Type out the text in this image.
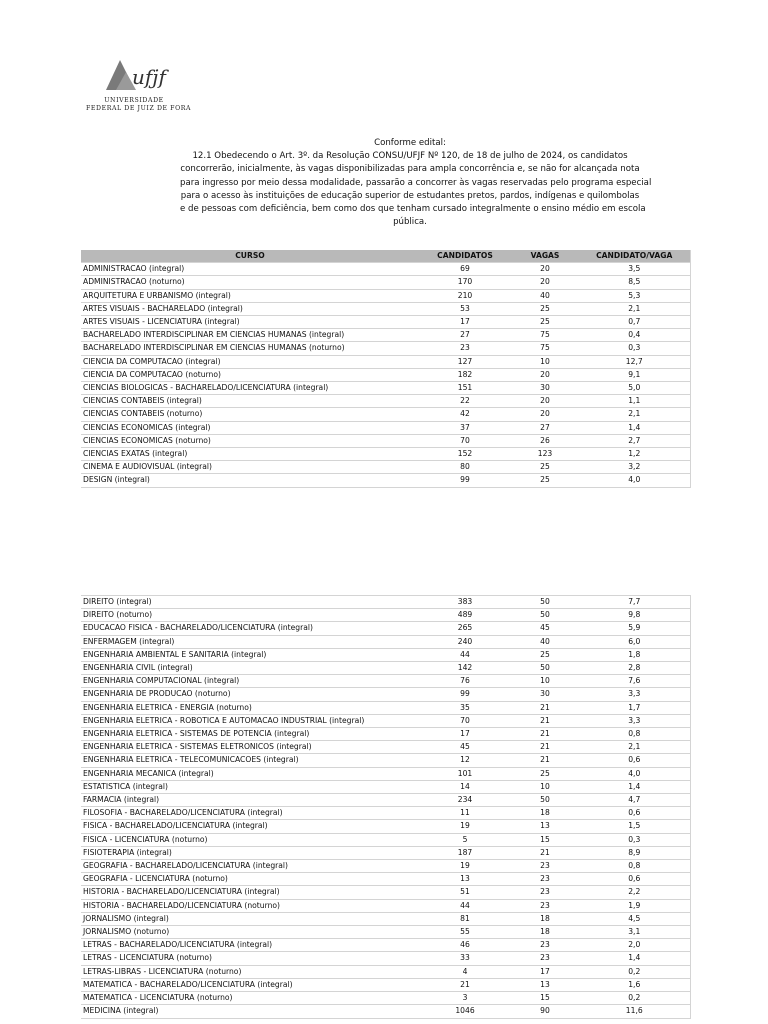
ufjf
UNIVERSIDADE
FEDERAL DE JUIZ DE FORA
Conforme edital:
12.1 Obedecendo o Art. 3º. da Resolução CONSU/UFJF Nº 120, de 18 de julho de 2024, os candidatos
concorrerão, inicialmente, às vagas disponibilizadas para ampla concorrência e, se não for alcançada nota
para ingresso por meio dessa modalidade, passarão a concorrer às vagas reservadas pelo programa especial
para o acesso às instituições de educação superior de estudantes pretos, pardos, indígenas e quilombolas
e de pessoas com deficiência, bem como dos que tenham cursado integralmente o ensino médio em escola
pública.
CURSO	CANDIDATOS	VAGAS	CANDIDATO/VAGA
ADMINISTRACAO (integral)	69	20	3,5
ADMINISTRACAO (noturno)	170	20	8,5
ARQUITETURA E URBANISMO (integral)	210	40	5,3
ARTES VISUAIS - BACHARELADO (integral)	53	25	2,1
ARTES VISUAIS - LICENCIATURA (integral)	17	25	0,7
BACHARELADO INTERDISCIPLINAR EM CIENCIAS HUMANAS (integral)	27	75	0,4
BACHARELADO INTERDISCIPLINAR EM CIENCIAS HUMANAS (noturno)	23	75	0,3
CIENCIA DA COMPUTACAO (integral)	127	10	12,7
CIENCIA DA COMPUTACAO (noturno)	182	20	9,1
CIENCIAS BIOLOGICAS - BACHARELADO/LICENCIATURA (integral)	151	30	5,0
CIENCIAS CONTABEIS (integral)	22	20	1,1
CIENCIAS CONTABEIS (noturno)	42	20	2,1
CIENCIAS ECONOMICAS (integral)	37	27	1,4
CIENCIAS ECONOMICAS (noturno)	70	26	2,7
CIENCIAS EXATAS (integral)	152	123	1,2
CINEMA E AUDIOVISUAL (integral)	80	25	3,2
DESIGN (integral)	99	25	4,0
DIREITO (integral)	383	50	7,7
DIREITO (noturno)	489	50	9,8
EDUCACAO FISICA - BACHARELADO/LICENCIATURA (integral)	265	45	5,9
ENFERMAGEM (integral)	240	40	6,0
ENGENHARIA AMBIENTAL E SANITARIA (integral)	44	25	1,8
ENGENHARIA CIVIL (integral)	142	50	2,8
ENGENHARIA COMPUTACIONAL (integral)	76	10	7,6
ENGENHARIA DE PRODUCAO (noturno)	99	30	3,3
ENGENHARIA ELETRICA - ENERGIA (noturno)	35	21	1,7
ENGENHARIA ELETRICA - ROBOTICA E AUTOMACAO INDUSTRIAL (integral)	70	21	3,3
ENGENHARIA ELETRICA - SISTEMAS DE POTENCIA (integral)	17	21	0,8
ENGENHARIA ELETRICA - SISTEMAS ELETRONICOS (integral)	45	21	2,1
ENGENHARIA ELETRICA - TELECOMUNICACOES (integral)	12	21	0,6
ENGENHARIA MECANICA (integral)	101	25	4,0
ESTATISTICA (integral)	14	10	1,4
FARMACIA (integral)	234	50	4,7
FILOSOFIA - BACHARELADO/LICENCIATURA (integral)	11	18	0,6
FISICA - BACHARELADO/LICENCIATURA (integral)	19	13	1,5
FISICA - LICENCIATURA (noturno)	5	15	0,3
FISIOTERAPIA (integral)	187	21	8,9
GEOGRAFIA - BACHARELADO/LICENCIATURA (integral)	19	23	0,8
GEOGRAFIA - LICENCIATURA (noturno)	13	23	0,6
HISTORIA - BACHARELADO/LICENCIATURA (integral)	51	23	2,2
HISTORIA - BACHARELADO/LICENCIATURA (noturno)	44	23	1,9
JORNALISMO (integral)	81	18	4,5
JORNALISMO (noturno)	55	18	3,1
LETRAS - BACHARELADO/LICENCIATURA (integral)	46	23	2,0
LETRAS - LICENCIATURA (noturno)	33	23	1,4
LETRAS-LIBRAS - LICENCIATURA (noturno)	4	17	0,2
MATEMATICA - BACHARELADO/LICENCIATURA (integral)	21	13	1,6
MATEMATICA - LICENCIATURA (noturno)	3	15	0,2
MEDICINA (integral)	1046	90	11,6
